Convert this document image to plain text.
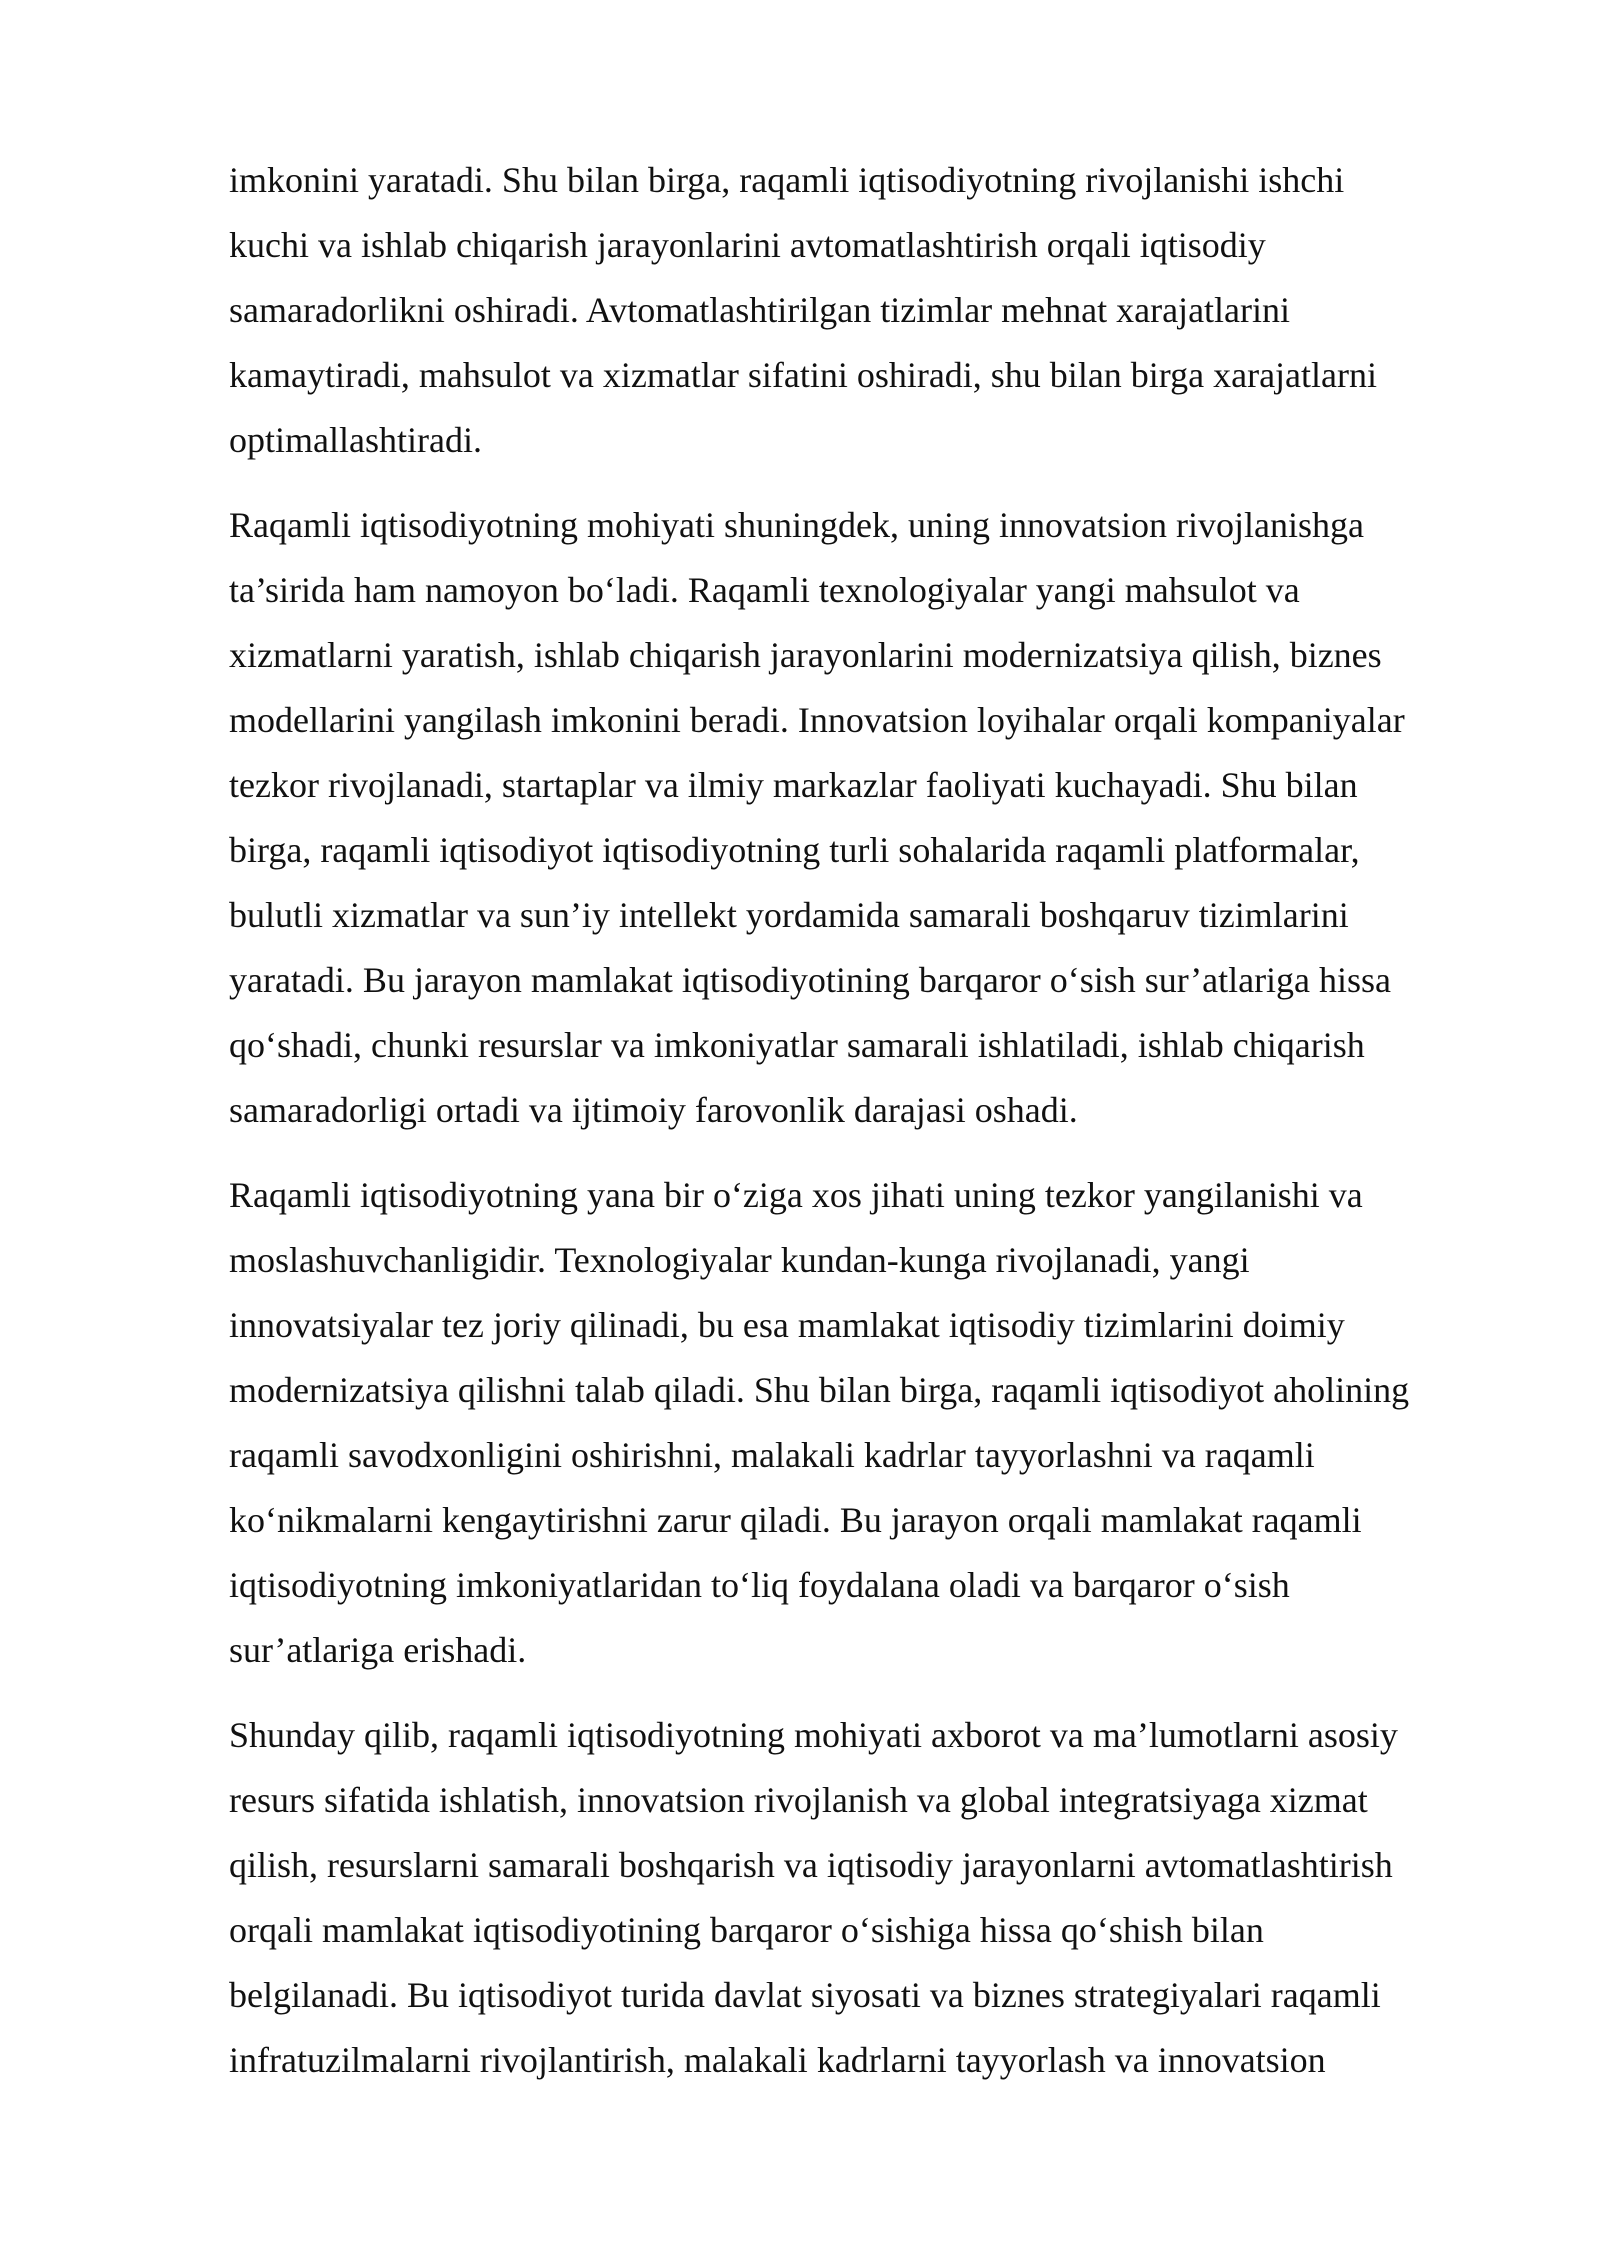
imkonini yaratadi. Shu bilan birga, raqamli iqtisodiyotning rivojlanishi ishchi
kuchi va ishlab chiqarish jarayonlarini avtomatlashtirish orqali iqtisodiy
samaradorlikni oshiradi. Avtomatlashtirilgan tizimlar mehnat xarajatlarini
kamaytiradi, mahsulot va xizmatlar sifatini oshiradi, shu bilan birga xarajatlarni
optimallashtiradi.
Raqamli iqtisodiyotning mohiyati shuningdek, uning innovatsion rivojlanishga
ta’sirida ham namoyon bo‘ladi. Raqamli texnologiyalar yangi mahsulot va
xizmatlarni yaratish, ishlab chiqarish jarayonlarini modernizatsiya qilish, biznes
modellarini yangilash imkonini beradi. Innovatsion loyihalar orqali kompaniyalar
tezkor rivojlanadi, startaplar va ilmiy markazlar faoliyati kuchayadi. Shu bilan
birga, raqamli iqtisodiyot iqtisodiyotning turli sohalarida raqamli platformalar,
bulutli xizmatlar va sun’iy intellekt yordamida samarali boshqaruv tizimlarini
yaratadi. Bu jarayon mamlakat iqtisodiyotining barqaror o‘sish sur’atlariga hissa
qo‘shadi, chunki resurslar va imkoniyatlar samarali ishlatiladi, ishlab chiqarish
samaradorligi ortadi va ijtimoiy farovonlik darajasi oshadi.
Raqamli iqtisodiyotning yana bir o‘ziga xos jihati uning tezkor yangilanishi va
moslashuvchanligidir. Texnologiyalar kundan-kunga rivojlanadi, yangi
innovatsiyalar tez joriy qilinadi, bu esa mamlakat iqtisodiy tizimlarini doimiy
modernizatsiya qilishni talab qiladi. Shu bilan birga, raqamli iqtisodiyot aholining
raqamli savodxonligini oshirishni, malakali kadrlar tayyorlashni va raqamli
ko‘nikmalarni kengaytirishni zarur qiladi. Bu jarayon orqali mamlakat raqamli
iqtisodiyotning imkoniyatlaridan to‘liq foydalana oladi va barqaror o‘sish
sur’atlariga erishadi.
Shunday qilib, raqamli iqtisodiyotning mohiyati axborot va ma’lumotlarni asosiy
resurs sifatida ishlatish, innovatsion rivojlanish va global integratsiyaga xizmat
qilish, resurslarni samarali boshqarish va iqtisodiy jarayonlarni avtomatlashtirish
orqali mamlakat iqtisodiyotining barqaror o‘sishiga hissa qo‘shish bilan
belgilanadi. Bu iqtisodiyot turida davlat siyosati va biznes strategiyalari raqamli
infratuzilmalarni rivojlantirish, malakali kadrlarni tayyorlash va innovatsion
